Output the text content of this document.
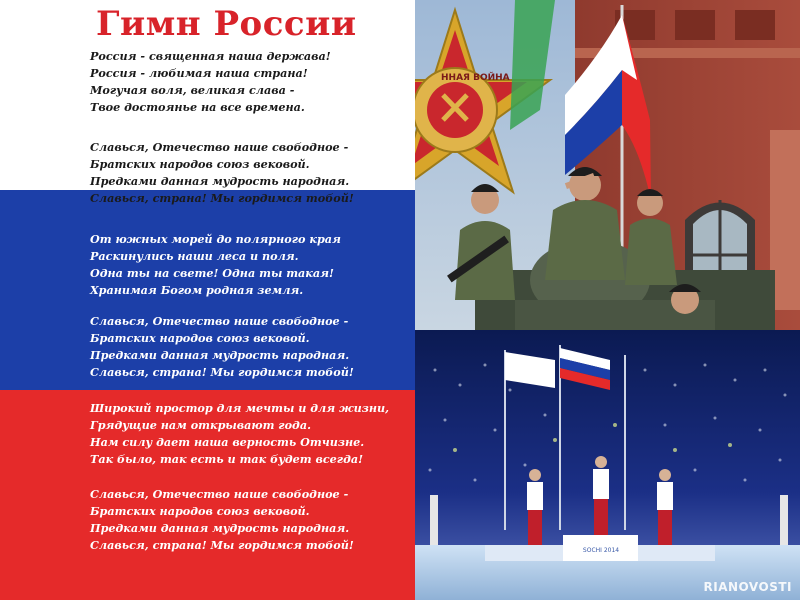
Гимн России
Россия - священная наша держава!
Россия - любимая наша страна!
Могучая воля, великая слава -
Твое достоянье на все времена.
Славься, Отечество наше свободное -
Братских народов союз вековой.
Предками данная мудрость народная.
Славься, страна! Мы гордимся тобой!
От южных морей до полярного края
Раскинулись наши леса и поля.
Одна ты на свете! Одна ты такая!
Хранимая Богом родная земля.
Славься, Отечество наше свободное -
Братских народов союз вековой.
Предками данная мудрость народная.
Славься, страна! Мы гордимся тобой!
Широкий простор для мечты и для жизни,
Грядущие нам открывают года.
Нам силу дает наша верность Отчизне.
Так было, так есть и так будет всегда!
Славься, Отечество наше свободное -
Братских народов союз вековой.
Предками данная мудрость народная.
Славься, страна! Мы гордимся тобой!
ННАЯ ВОЙНА
SOCHI 2014
RIANOVOSTI
